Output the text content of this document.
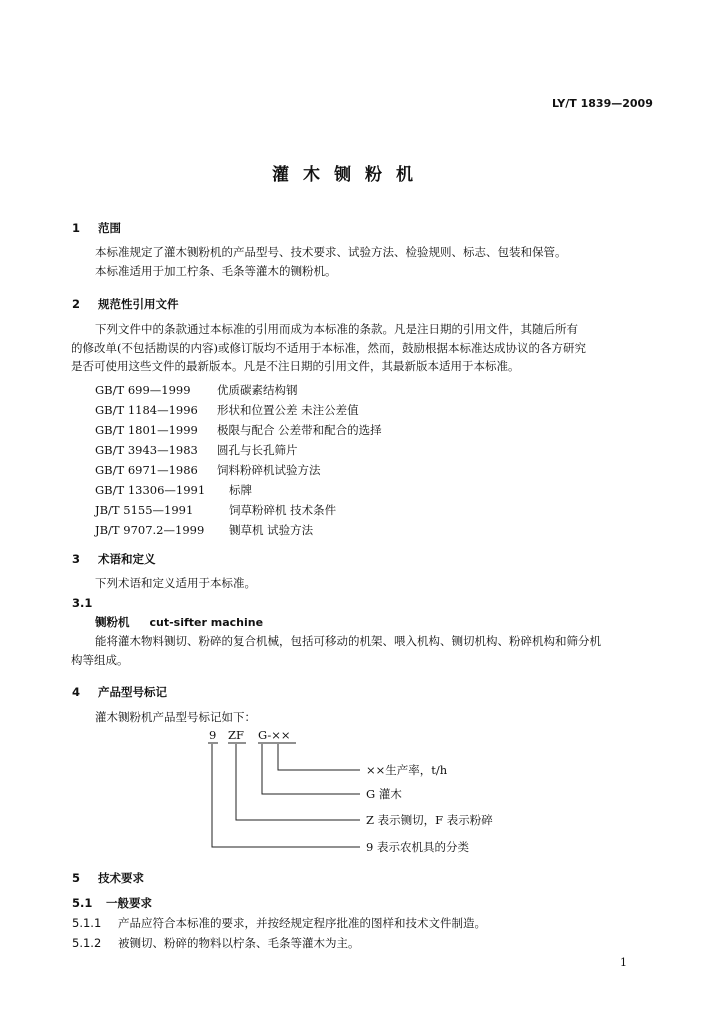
LY/T 1839—2009
灌木铡粉机
1 范围

本标准规定了灌木铡粉机的产品型号、技术要求、试验方法、检验规则、标志、包装和保管。

本标准适用于加工柠条、毛条等灌木的铡粉机。

2 规范性引用文件

下列文件中的条款通过本标准的引用而成为本标准的条款。凡是注日期的引用文件，其随后所有

的修改单(不包括勘误的内容)或修订版均不适用于本标准，然而，鼓励根据本标准达成协议的各方研究

是否可使用这些文件的最新版本。凡是不注日期的引用文件，其最新版本适用于本标准。

GB/T 699—1999 优质碳素结构钢
GB/T 1184—1996 形状和位置公差 未注公差值
GB/T 1801—1999 极限与配合 公差带和配合的选择
GB/T 3943—1983 圆孔与长孔筛片
GB/T 6971—1986 饲料粉碎机试验方法
GB/T 13306—1991 标牌
JB/T 5155—1991	饲草粉碎机 技术条件
JB/T 9707.2—1999 铡草机 试验方法
3 术语和定义
下列术语和定义适用于本标准。
3.1
铡粉机 cut-sifter machine

能将灌木物料铡切、粉碎的复合机械，包括可移动的机架、喂入机构、铡切机构、粉碎机构和筛分机

构等组成。

4 产品型号标记
灌木铡粉机产品型号标记如下：
9 ZF G-××
××生产率，t/h
G 灌木
Z 表示铡切，F 表示粉碎
9 表示农机具的分类
5 技术要求
5.1 一般要求
5.1.1 产品应符合本标准的要求，并按经规定程序批准的图样和技术文件制造。
5.1.2 被铡切、粉碎的物料以柠条、毛条等灌木为主。
1
